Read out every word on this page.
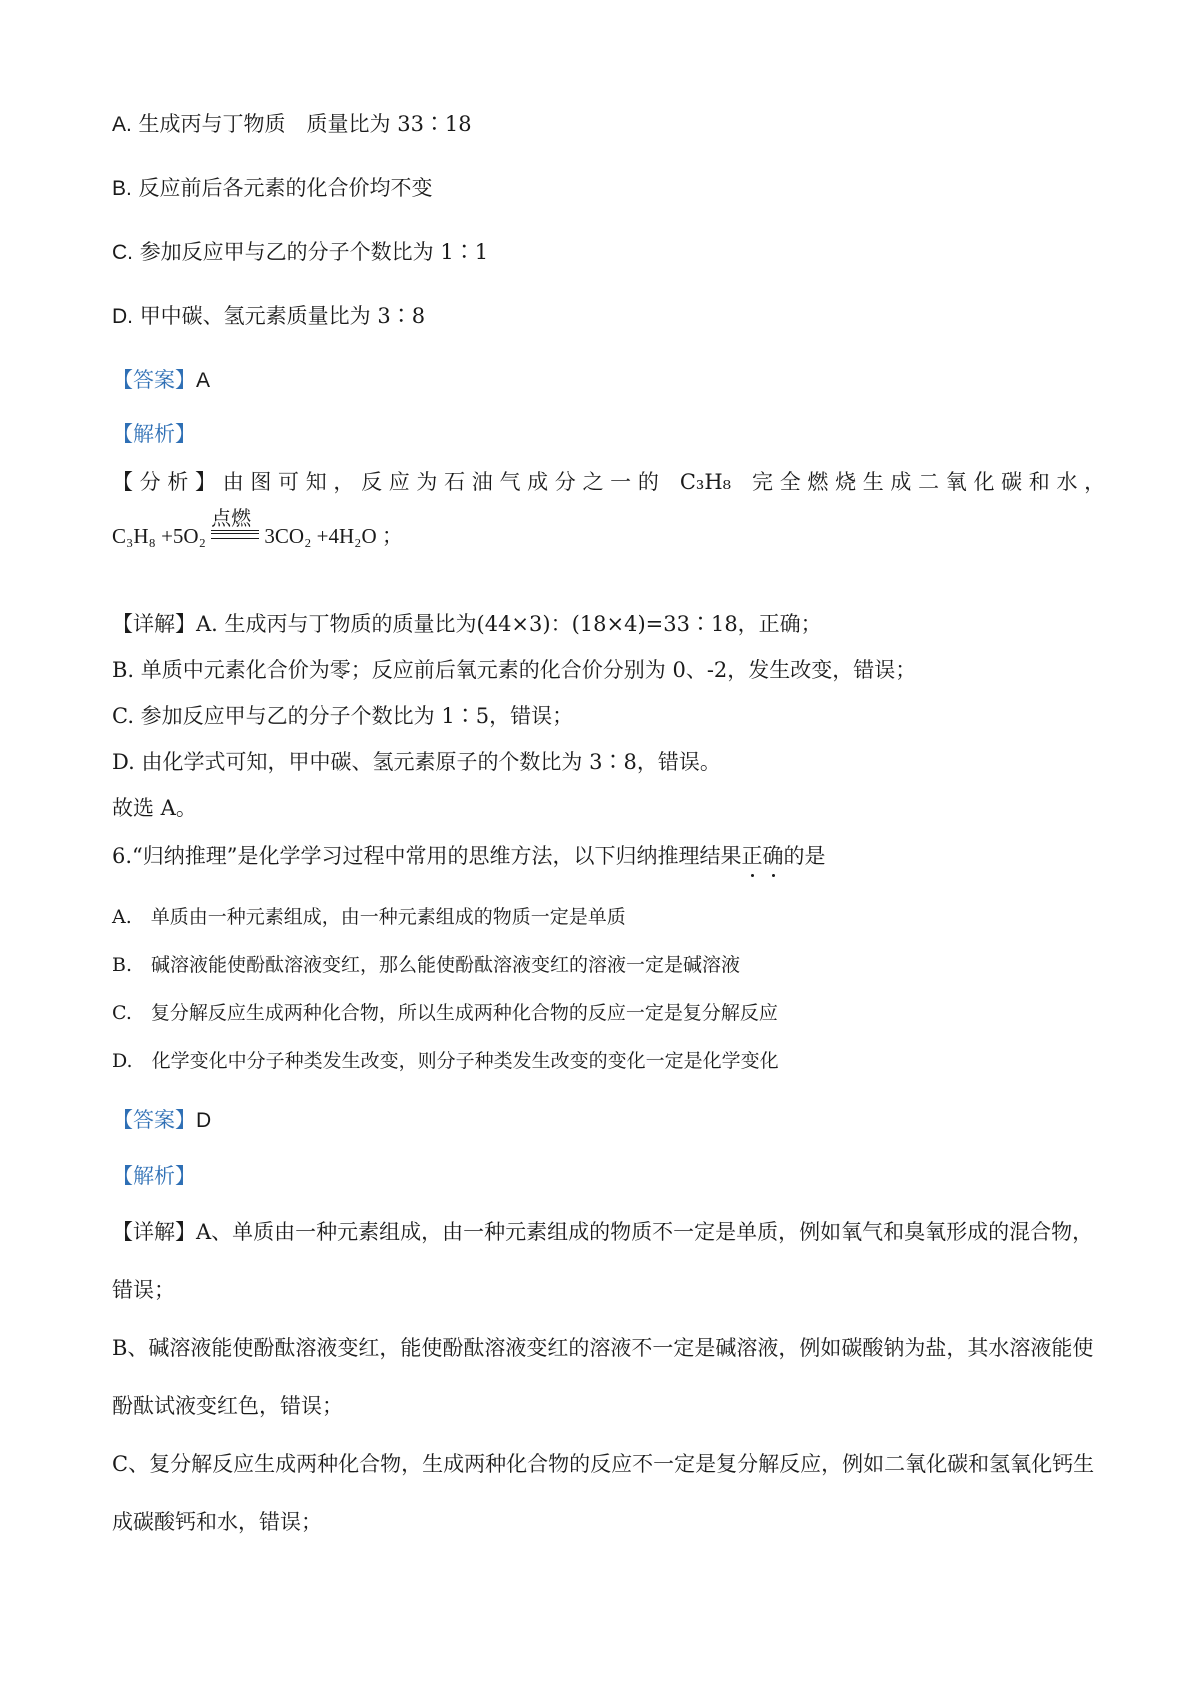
A. 生成丙与丁物质　质量比为 33∶18
B. 反应前后各元素的化合价均不变
C. 参加反应甲与乙的分子个数比为 1∶1
D. 甲中碳、氢元素质量比为 3∶8
【答案】A
【解析】
【 分 析 】 由 图 可 知 ， 反 应 为 石 油 气 成 分 之 一 的　C₃H₈　完 全 燃 烧 生 成 二 氧 化 碳 和 水 ，
C₃H₈ +5O₂
点燃
3CO₂ +4H₂O ；
【详解】A. 生成丙与丁物质的质量比为(44×3)：(18×4)=33∶18，正确；
B. 单质中元素化合价为零；反应前后氧元素的化合价分别为 0、-2，发生改变，错误；
C. 参加反应甲与乙的分子个数比为 1∶5，错误；
D. 由化学式可知，甲中碳、氢元素原子的个数比为 3∶8，错误。
故选 A。
6.“归纳推理”是化学学习过程中常用的思维方法，以下归纳推理结果正确的是
A.　 单质由一种元素组成，由一种元素组成的物质一定是单质
B.　 碱溶液能使酚酞溶液变红，那么能使酚酞溶液变红的溶液一定是碱溶液
C.　 复分解反应生成两种化合物，所以生成两种化合物的反应一定是复分解反应
D.　 化学变化中分子种类发生改变，则分子种类发生改变的变化一定是化学变化
【答案】D
【解析】
【详解】A、单质由一种元素组成，由一种元素组成的物质不一定是单质，例如氧气和臭氧形成的混合物，
错误；
B、碱溶液能使酚酞溶液变红，能使酚酞溶液变红的溶液不一定是碱溶液，例如碳酸钠为盐，其水溶液能使
酚酞试液变红色，错误；
C、复分解反应生成两种化合物，生成两种化合物的反应不一定是复分解反应，例如二氧化碳和氢氧化钙生
成碳酸钙和水，错误；
